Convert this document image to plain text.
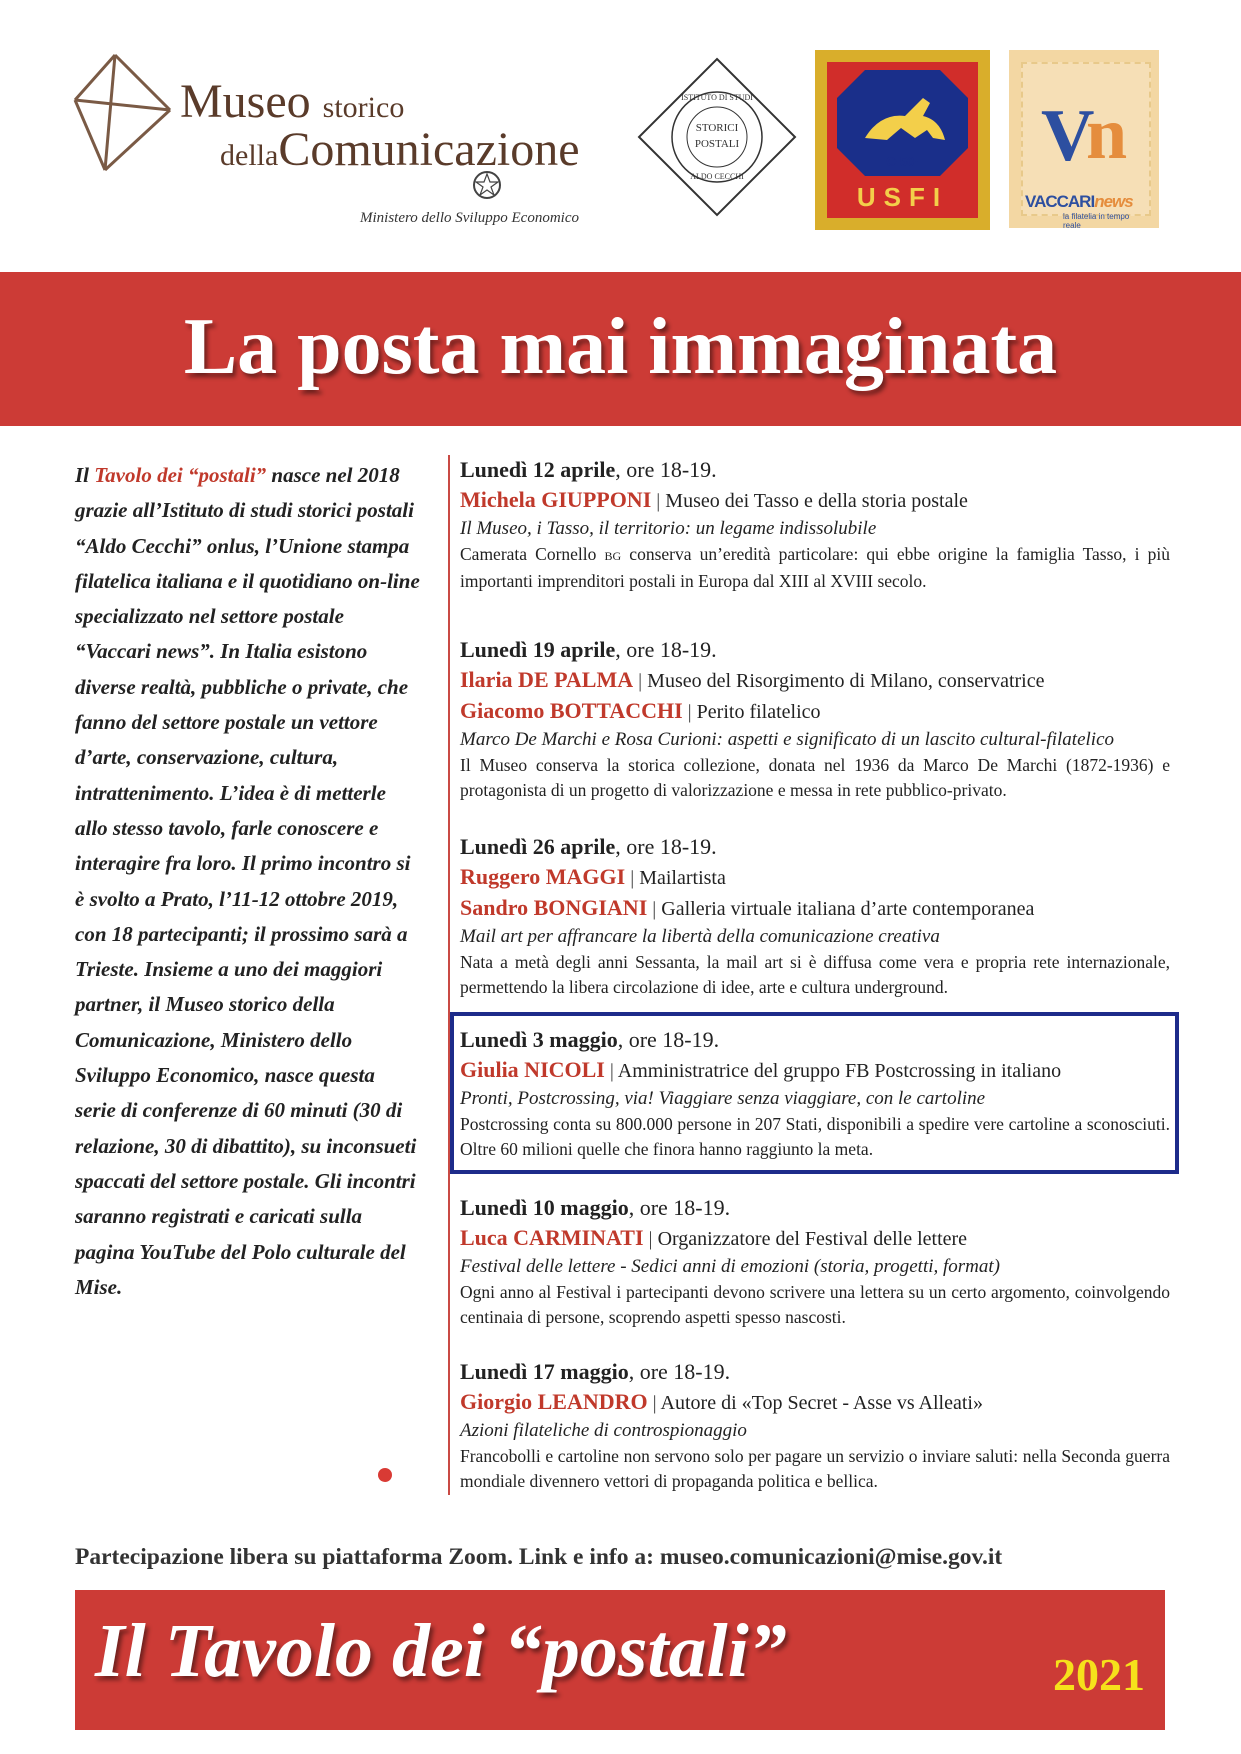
Museo storico
dellaComunicazione
Ministero dello Sviluppo Economico
ISTITUTO DI STUDI
ALDO CECCHI
STORICI
POSTALI
C·50·
USFI
V
n
VACCARInews
la filatelia in tempo reale
La posta mai immaginata
Il Tavolo dei “postali” nasce nel 2018 grazie all’Istituto di studi storici postali “Aldo Cecchi” onlus, l’Unione stampa filatelica italiana e il quotidiano on-line specializzato nel settore postale “Vaccari news”. In Italia esistono diverse realtà, pubbliche o private, che fanno del settore postale un vettore d’arte, conservazione, cultura, intrattenimento. L’idea è di metterle allo stesso tavolo, farle conoscere e interagire fra loro. Il primo incontro si è svolto a Prato, l’11-12 ottobre 2019, con 18 partecipanti; il prossimo sarà a Trieste. Insieme a uno dei maggiori partner, il Museo storico della Comunicazione, Ministero dello Sviluppo Economico, nasce questa serie di conferenze di 60 minuti (30 di relazione, 30 di dibattito), su inconsueti spaccati del settore postale. Gli incontri saranno registrati e caricati sulla pagina YouTube del Polo culturale del Mise.
Lunedì 12 aprile, ore 18-19.
Michela GIUPPONI | Museo dei Tasso e della storia postale
Il Museo, i Tasso, il territorio: un legame indissolubile
Camerata Cornello BG conserva un’eredità particolare: qui ebbe origine la famiglia Tasso, i più importanti imprenditori postali in Europa dal XIII al XVIII secolo.
Lunedì 19 aprile, ore 18-19.
Ilaria DE PALMA | Museo del Risorgimento di Milano, conservatrice
Giacomo BOTTACCHI | Perito filatelico
Marco De Marchi e Rosa Curioni: aspetti e significato di un lascito cultural-filatelico
Il Museo conserva la storica collezione, donata nel 1936 da Marco De Marchi (1872-1936) e protagonista di un progetto di valorizzazione e messa in rete pubblico-privato.
Lunedì 26 aprile, ore 18-19.
Ruggero MAGGI | Mailartista
Sandro BONGIANI | Galleria virtuale italiana d’arte contemporanea
Mail art per affrancare la libertà della comunicazione creativa
Nata a metà degli anni Sessanta, la mail art si è diffusa come vera e propria rete internazionale, permettendo la libera circolazione di idee, arte e cultura underground.
Lunedì 3 maggio, ore 18-19.
Giulia NICOLI | Amministratrice del gruppo FB Postcrossing in italiano
Pronti, Postcrossing, via! Viaggiare senza viaggiare, con le cartoline
Postcrossing conta su 800.000 persone in 207 Stati, disponibili a spedire vere cartoline a sconosciuti. Oltre 60 milioni quelle che finora hanno raggiunto la meta.
Lunedì 10 maggio, ore 18-19.
Luca CARMINATI | Organizzatore del Festival delle lettere
Festival delle lettere - Sedici anni di emozioni (storia, progetti, format)
Ogni anno al Festival i partecipanti devono scrivere una lettera su un certo argomento, coinvolgendo centinaia di persone, scoprendo aspetti spesso nascosti.
Lunedì 17 maggio, ore 18-19.
Giorgio LEANDRO | Autore di «Top Secret - Asse vs Alleati»
Azioni filateliche di controspionaggio
Francobolli e cartoline non servono solo per pagare un servizio o inviare saluti: nella Seconda guerra mondiale divennero vettori di propaganda politica e bellica.
Partecipazione libera su piattaforma Zoom. Link e info a: museo.comunicazioni@mise.gov.it
Il Tavolo dei “postali”	2021
